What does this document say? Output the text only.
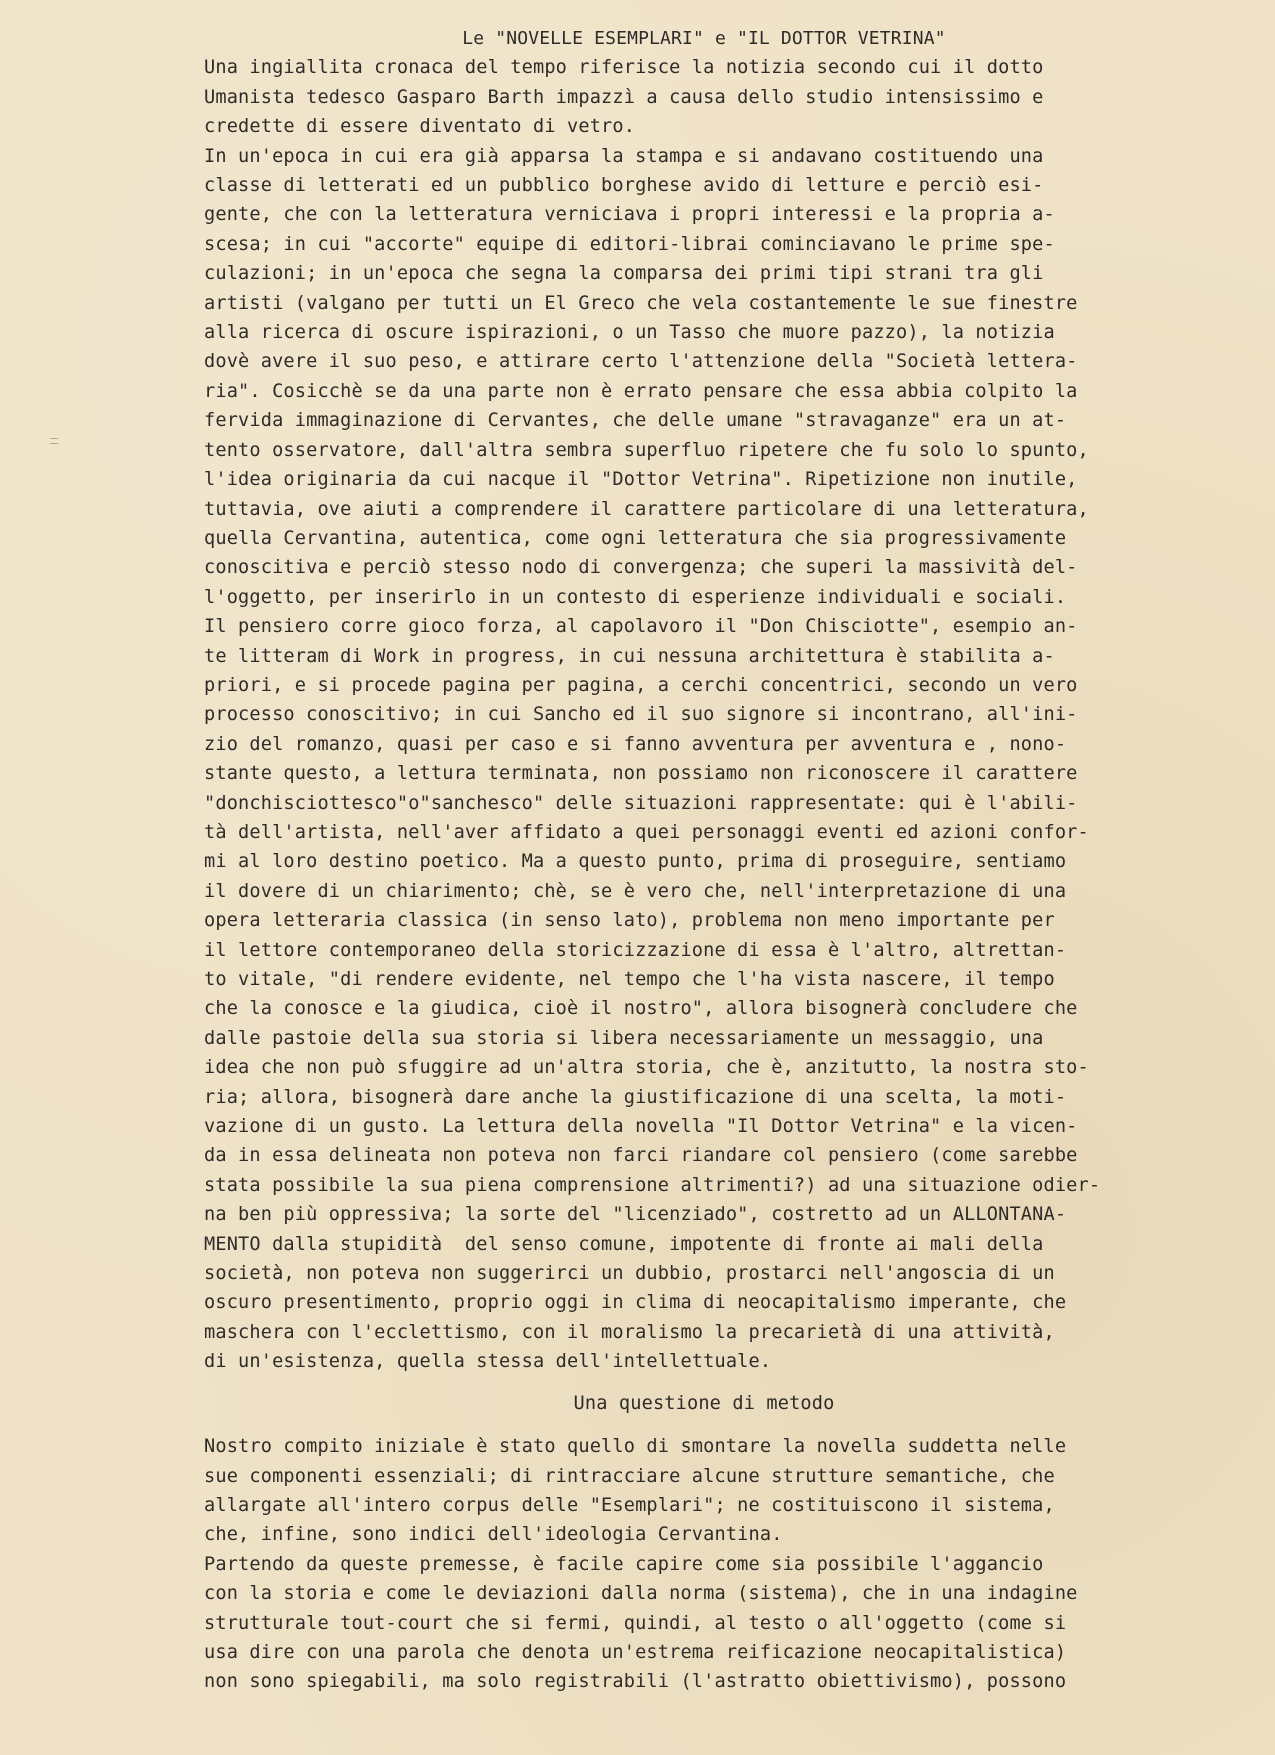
Le "NOVELLE ESEMPLARI" e "IL DOTTOR VETRINA"
Una ingiallita cronaca del tempo riferisce la notizia secondo cui il dotto
Umanista tedesco Gasparo Barth impazzì a causa dello studio intensissimo e
credette di essere diventato di vetro.
In un'epoca in cui era già apparsa la stampa e si andavano costituendo una
classe di letterati ed un pubblico borghese avido di letture e perciò esi-
gente, che con la letteratura verniciava i propri interessi e la propria a-
scesa; in cui "accorte" equipe di editori-librai cominciavano le prime spe-
culazioni; in un'epoca che segna la comparsa dei primi tipi strani tra gli
artisti (valgano per tutti un El Greco che vela costantemente le sue finestre
alla ricerca di oscure ispirazioni, o un Tasso che muore pazzo), la notizia
dovè avere il suo peso, e attirare certo l'attenzione della "Società lettera-
ria". Cosicchè se da una parte non è errato pensare che essa abbia colpito la
fervida immaginazione di Cervantes, che delle umane "stravaganze" era un at-
tento osservatore, dall'altra sembra superfluo ripetere che fu solo lo spunto,
l'idea originaria da cui nacque il "Dottor Vetrina". Ripetizione non inutile,
tuttavia, ove aiuti a comprendere il carattere particolare di una letteratura,
quella Cervantina, autentica, come ogni letteratura che sia progressivamente
conoscitiva e perciò stesso nodo di convergenza; che superi la massività del-
l'oggetto, per inserirlo in un contesto di esperienze individuali e sociali.
Il pensiero corre gioco forza, al capolavoro il "Don Chisciotte", esempio an-
te litteram di Work in progress, in cui nessuna architettura è stabilita a-
priori, e si procede pagina per pagina, a cerchi concentrici, secondo un vero
processo conoscitivo; in cui Sancho ed il suo signore si incontrano, all'ini-
zio del romanzo, quasi per caso e si fanno avventura per avventura e , nono-
stante questo, a lettura terminata, non possiamo non riconoscere il carattere
"donchisciottesco"o"sanchesco" delle situazioni rappresentate: qui è l'abili-
tà dell'artista, nell'aver affidato a quei personaggi eventi ed azioni confor-
mi al loro destino poetico. Ma a questo punto, prima di proseguire, sentiamo
il dovere di un chiarimento; chè, se è vero che, nell'interpretazione di una
opera letteraria classica (in senso lato), problema non meno importante per
il lettore contemporaneo della storicizzazione di essa è l'altro, altrettan-
to vitale, "di rendere evidente, nel tempo che l'ha vista nascere, il tempo
che la conosce e la giudica, cioè il nostro", allora bisognerà concludere che
dalle pastoie della sua storia si libera necessariamente un messaggio, una
idea che non può sfuggire ad un'altra storia, che è, anzitutto, la nostra sto-
ria; allora, bisognerà dare anche la giustificazione di una scelta, la moti-
vazione di un gusto. La lettura della novella "Il Dottor Vetrina" e la vicen-
da in essa delineata non poteva non farci riandare col pensiero (come sarebbe
stata possibile la sua piena comprensione altrimenti?) ad una situazione odier-
na ben più oppressiva; la sorte del "licenziado", costretto ad un ALLONTANA-
MENTO dalla stupidità  del senso comune, impotente di fronte ai mali della
società, non poteva non suggerirci un dubbio, prostarci nell'angoscia di un
oscuro presentimento, proprio oggi in clima di neocapitalismo imperante, che
maschera con l'ecclettismo, con il moralismo la precarietà di una attività,
di un'esistenza, quella stessa dell'intellettuale.
Una questione di metodo
Nostro compito iniziale è stato quello di smontare la novella suddetta nelle
sue componenti essenziali; di rintracciare alcune strutture semantiche, che
allargate all'intero corpus delle "Esemplari"; ne costituiscono il sistema,
che, infine, sono indici dell'ideologia Cervantina.
Partendo da queste premesse, è facile capire come sia possibile l'aggancio
con la storia e come le deviazioni dalla norma (sistema), che in una indagine
strutturale tout-court che si fermi, quindi, al testo o all'oggetto (come si
usa dire con una parola che denota un'estrema reificazione neocapitalistica)
non sono spiegabili, ma solo registrabili (l'astratto obiettivismo), possono
